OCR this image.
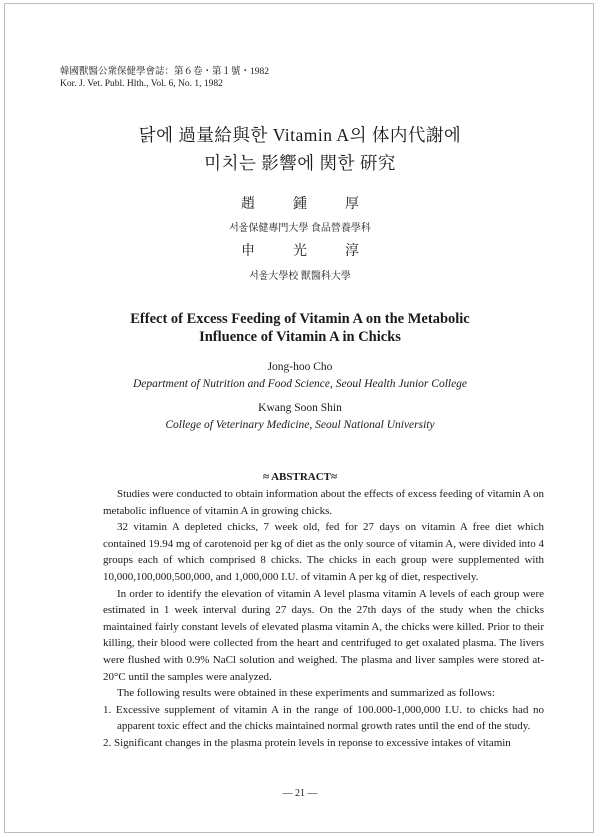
韓國獸醫公衆保健學會誌：第６卷・第１號・1982
Kor. J. Vet. Publ. Hlth., Vol. 6, No. 1, 1982
닭에 過量給與한 Vitamin A의 体内代謝에
미치는 影響에 関한 硏究
趙鍾厚
서울保健專門大學 食品營養學科
申光淳
서울大學校 獸醫科大學
Effect of Excess Feeding of Vitamin A on the Metabolic
Influence of Vitamin A in Chicks
Jong-hoo Cho
Department of Nutrition and Food Science, Seoul Health Junior College
Kwang Soon Shin
College of Veterinary Medicine, Seoul National University
≈ ABSTRACT≈

Studies were conducted to obtain information about the effects of excess feeding of vitamin A on metabolic influence of vitamin A in growing chicks.

32 vitamin A depleted chicks, 7 week old, fed for 27 days on vitamin A free diet which contained 19.94 mg of carotenoid per kg of diet as the only source of vitamin A, were divided into 4 groups each of which comprised 8 chicks. The chicks in each group were supplemented with 10,000,100,000,500,000, and 1,000,000 I.U. of vitamin A per kg of diet, respectively.

In order to identify the elevation of vitamin A level plasma vitamin A levels of each group were estimated in 1 week interval during 27 days. On the 27th days of the study when the chicks maintained fairly constant levels of elevated plasma vitamin A, the chicks were killed. Prior to their killing, their blood were collected from the heart and centrifuged to get oxalated plasma. The livers were flushed with 0.9% NaCl solution and weighed. The plasma and liver samples were stored at-20°C until the samples were analyzed.

The following results were obtained in these experiments and summarized as follows:

1. Excessive supplement of vitamin A in the range of 100.000-1,000,000 I.U. to chicks had no apparent toxic effect and the chicks maintained normal growth rates until the end of the study.

2. Significant changes in the plasma protein levels in reponse to excessive intakes of vitamin

— 21 —
